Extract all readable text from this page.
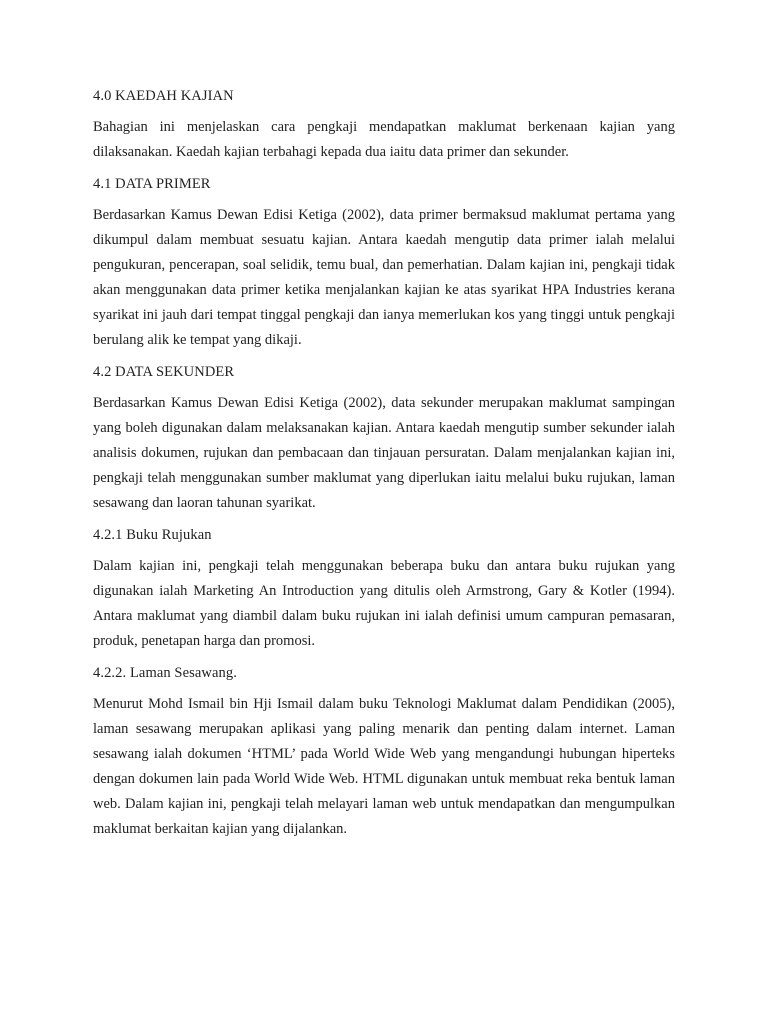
4.0 KAEDAH KAJIAN

Bahagian ini menjelaskan cara pengkaji mendapatkan maklumat berkenaan kajian yang dilaksanakan. Kaedah kajian terbahagi kepada dua iaitu data primer dan sekunder.

4.1 DATA PRIMER

Berdasarkan Kamus Dewan Edisi Ketiga (2002), data primer bermaksud maklumat pertama yang dikumpul dalam membuat sesuatu kajian. Antara kaedah mengutip data primer ialah melalui pengukuran, pencerapan, soal selidik, temu bual, dan pemerhatian. Dalam kajian ini, pengkaji tidak akan menggunakan data primer ketika menjalankan kajian ke atas syarikat HPA Industries kerana syarikat ini jauh dari tempat tinggal pengkaji dan ianya memerlukan kos yang tinggi untuk pengkaji berulang alik ke tempat yang dikaji.

4.2 DATA SEKUNDER

Berdasarkan Kamus Dewan Edisi Ketiga (2002), data sekunder merupakan maklumat sampingan yang boleh digunakan dalam melaksanakan kajian. Antara kaedah mengutip sumber sekunder ialah analisis dokumen, rujukan dan pembacaan dan tinjauan persuratan. Dalam menjalankan kajian ini, pengkaji telah menggunakan sumber maklumat yang diperlukan iaitu melalui buku rujukan, laman sesawang dan laoran tahunan syarikat.

4.2.1 Buku Rujukan

Dalam kajian ini, pengkaji telah menggunakan beberapa buku dan antara buku rujukan yang digunakan ialah Marketing An Introduction yang ditulis oleh Armstrong, Gary & Kotler (1994). Antara maklumat yang diambil dalam buku rujukan ini ialah definisi umum campuran pemasaran, produk, penetapan harga dan promosi.

4.2.2. Laman Sesawang.

Menurut Mohd Ismail bin Hji Ismail dalam buku Teknologi Maklumat dalam Pendidikan (2005), laman sesawang merupakan aplikasi yang paling menarik dan penting dalam internet. Laman sesawang ialah dokumen ‘HTML’ pada World Wide Web yang mengandungi hubungan hiperteks dengan dokumen lain pada World Wide Web. HTML digunakan untuk membuat reka bentuk laman web. Dalam kajian ini, pengkaji telah melayari laman web untuk mendapatkan dan mengumpulkan maklumat berkaitan kajian yang dijalankan.
